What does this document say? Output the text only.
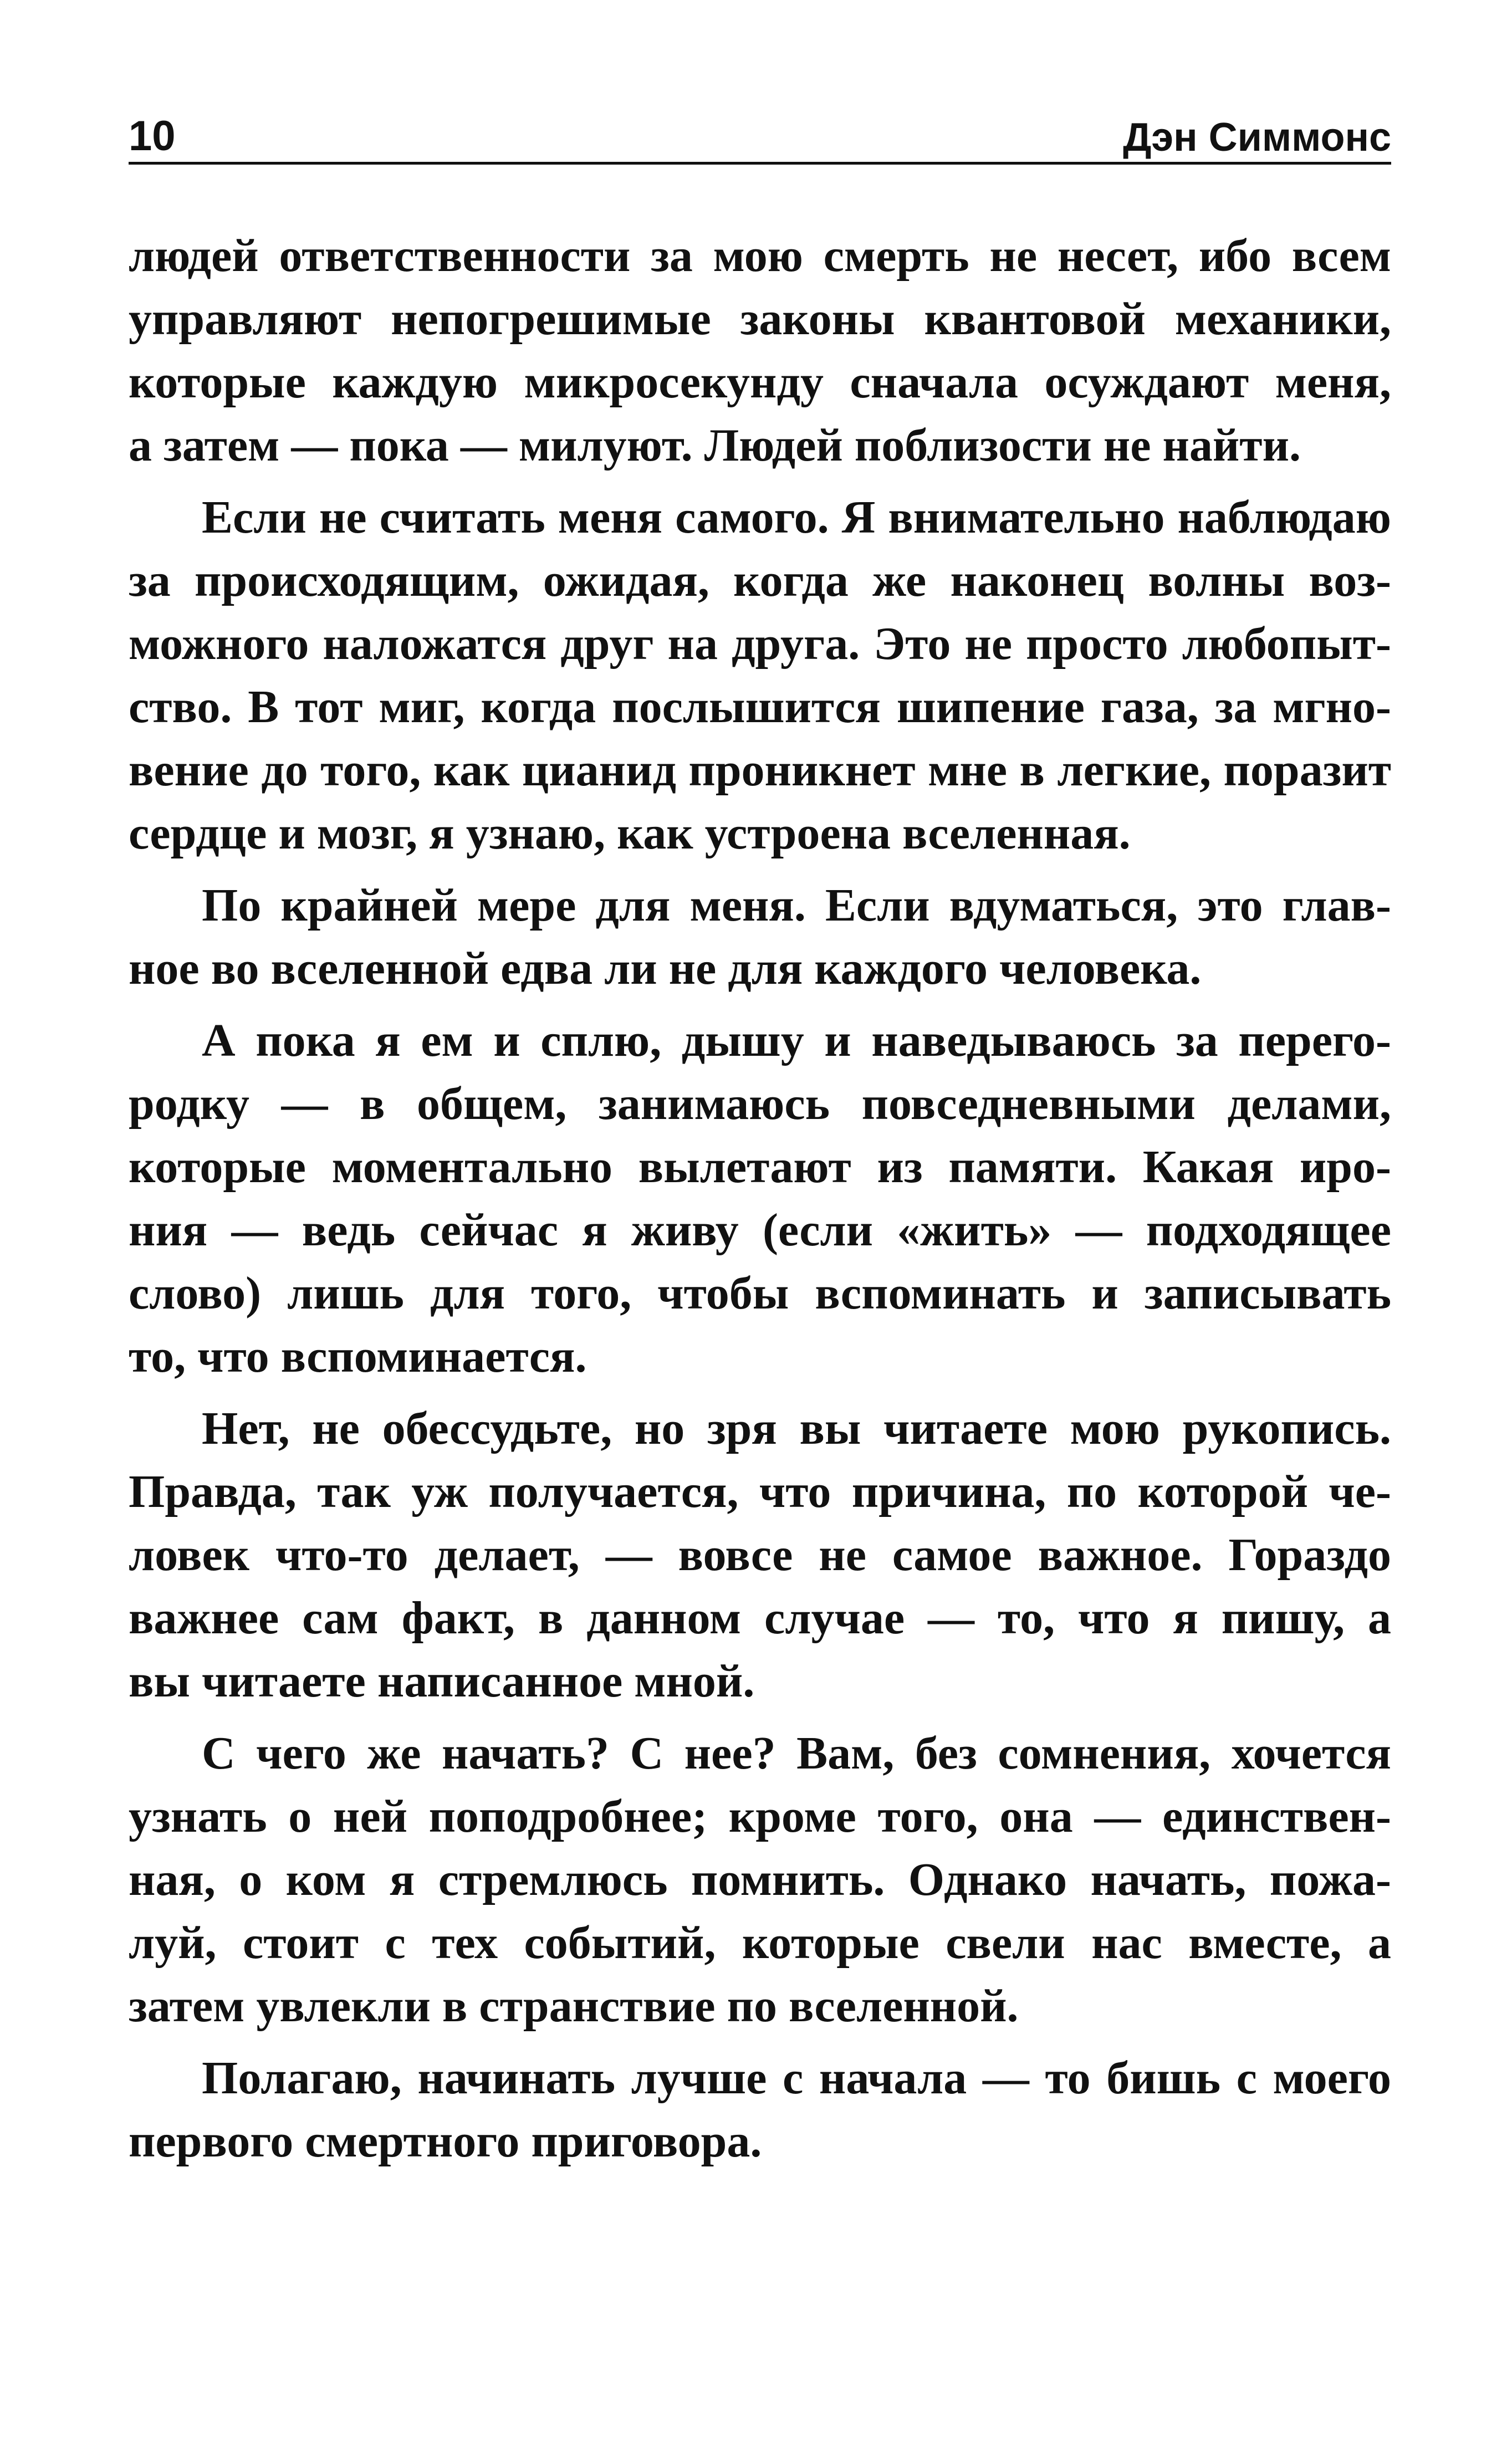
10	Дэн Симмонс
людей ответственности за мою смерть не несет, ибо всем
управляют непогрешимые законы квантовой механики,
которые каждую микросекунду сначала осуждают меня,
а затем — пока — милуют. Людей поблизости не найти.
Если не считать меня самого. Я внимательно наблюдаю
за происходящим, ожидая, когда же наконец волны воз-
можного наложатся друг на друга. Это не просто любопыт-
ство. В тот миг, когда послышится шипение газа, за мгно-
вение до того, как цианид проникнет мне в легкие, поразит
сердце и мозг, я узнаю, как устроена вселенная.
По крайней мере для меня. Если вдуматься, это глав-
ное во вселенной едва ли не для каждого человека.
А пока я ем и сплю, дышу и наведываюсь за перего-
родку — в общем, занимаюсь повседневными делами,
которые моментально вылетают из памяти. Какая иро-
ния — ведь сейчас я живу (если «жить» — подходящее
слово) лишь для того, чтобы вспоминать и записывать
то, что вспоминается.
Нет, не обессудьте, но зря вы читаете мою рукопись.
Правда, так уж получается, что причина, по которой че-
ловек что-то делает, — вовсе не самое важное. Гораздо
важнее сам факт, в данном случае — то, что я пишу, а
вы читаете написанное мной.
С чего же начать? С нее? Вам, без сомнения, хочется
узнать о ней поподробнее; кроме того, она — единствен-
ная, о ком я стремлюсь помнить. Однако начать, пожа-
луй, стоит с тех событий, которые свели нас вместе, а
затем увлекли в странствие по вселенной.
Полагаю, начинать лучше с начала — то бишь с моего
первого смертного приговора.
